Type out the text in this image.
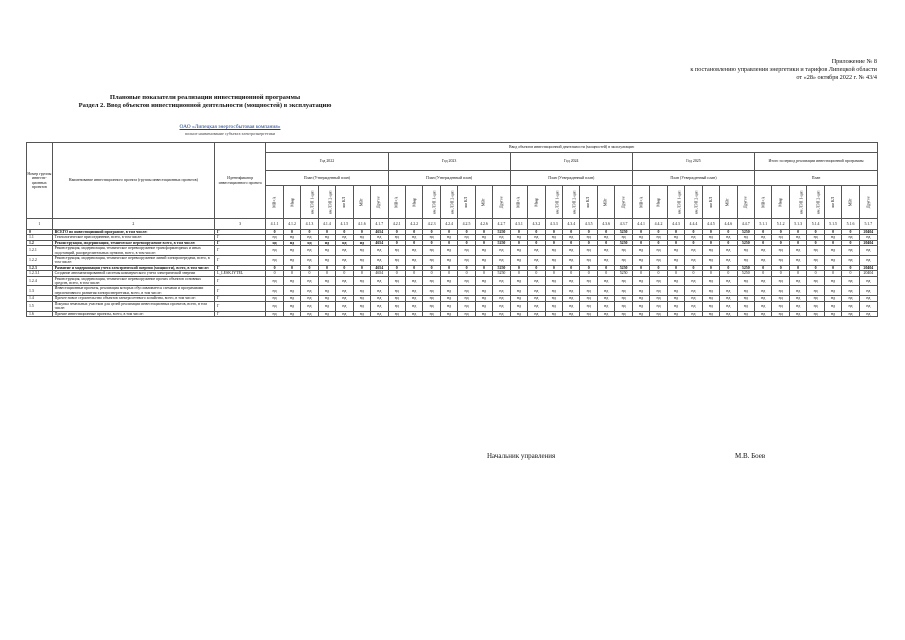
Приложение № 8
к постановлению управления энергетики и тарифов Липецкой области
от «28» октября 2022 г. № 43/4
Плановые показатели реализации инвестиционной программы
Раздел 2. Ввод объектов инвестиционной деятельности (мощностей) в эксплуатацию
ОАО «Липецкая энергосбытовая компания»
полное наименование субъекта электроэнергетики
Номер группы инвести-ционных проектов	Наименование инвестиционного проекта (группы инвестиционных проектов)	Идентификатор инвестиционного проекта	Ввод объектов инвестиционной деятельности (мощностей) в эксплуатацию																																		
			Год 2022							Год 2023							Год 2024							Год 2025							Итого за период реализации инвестиционной программы						
			План (Утвержденный план)							План (Утвержденный план)							План (Утвержденный план)							План (Утвержденный план)							План						
			МВ×А	Мвар	км ЛЭП 1-цеп	км ЛЭП 2-цеп	км КЛ	МВт	Другое	МВ×А	Мвар	км ЛЭП 1-цеп	км ЛЭП 2-цеп	км КЛ	МВт	Другое	МВ×А	Мвар	км ЛЭП 1-цеп	км ЛЭП 2-цеп	км КЛ	МВт	Другое	МВ×А	Мвар	км ЛЭП 1-цеп	км ЛЭП 2-цеп	км КЛ	МВт	Другое	МВ×А	Мвар	км ЛЭП 1-цеп	км ЛЭП 2-цеп	км КЛ	МВт	Другое
1	2	3	4.1.1	4.1.2	4.1.3	4.1.4	4.1.5	4.1.6	4.1.7	4.2.1	4.2.2	4.2.3	4.2.4	4.2.5	4.2.6	4.2.7	4.3.1	4.3.2	4.3.3	4.3.4	4.3.5	4.3.6	4.3.7	4.4.1	4.4.2	4.4.3	4.4.4	4.4.5	4.4.6	4.4.7	5.1.1	5.1.2	5.1.3	5.1.4	5.1.5	5.1.6	5.1.7
0	ВСЕГО по инвестиционной программе, в том числе:	Г	0	0	0	0	0	0	4654	0	0	0	0	0	0	5250	0	0	0	0	0	0	5250	0	0	0	0	0	0	5250	0	0	0	0	0	0	20404
1.1	Технологическое присоединение, всего, в том числе:	Г	нд	нд	нд	нд	нд	нд	нд	нд	нд	нд	нд	нд	нд	нд	нд	нд	нд	нд	нд	нд	нд	нд	нд	нд	нд	нд	нд	нд	нд	нд	нд	нд	нд	нд	нд
1.2	Реконструкция, модернизация, техническое перевооружение всего, в том числе:	Г	нд	нд	нд	нд	нд	нд	4654	0	0	0	0	0	0	5250	0	0	0	0	0	0	5250	0	0	0	0	0	0	5250	0	0	0	0	0	0	20404
1.2.1	Реконструкция, модернизация, техническое перевооружение трансформаторных и иных подстанций, распределительных пунктов, всего, в том числе:	Г	нд	нд	нд	нд	нд	нд	нд	нд	нд	нд	нд	нд	нд	нд	нд	нд	нд	нд	нд	нд	нд	нд	нд	нд	нд	нд	нд	нд	нд	нд	нд	нд	нд	нд	нд
1.2.2	Реконструкция, модернизация, техническое перевооружение линий электропередачи, всего, в том числе:	Г	нд	нд	нд	нд	нд	нд	нд	нд	нд	нд	нд	нд	нд	нд	нд	нд	нд	нд	нд	нд	нд	нд	нд	нд	нд	нд	нд	нд	нд	нд	нд	нд	нд	нд	нд
1.2.3	Развитие и модернизация учета электрической энергии (мощности), всего, в том числе:	Г	0	0	0	0	0	0	4654	0	0	0	0	0	0	5250	0	0	0	0	0	0	5250	0	0	0	0	0	0	5250	0	0	0	0	0	0	20404
1.2.3.1	Создание автоматизированной системы коммерческого учета электрической энергии	L_LESK.IYTEL	0	0	0	0	0	0	4654	0	0	0	0	0	0	5250	0	0	0	0	0	0	5250	0	0	0	0	0	0	5250	0	0	0	0	0	0	20404
1.2.4	Реконструкция, модернизация, техническое перевооружение прочих объектов основных средств, всего, в том числе:	Г	нд	нд	нд	нд	нд	нд	нд	нд	нд	нд	нд	нд	нд	нд	нд	нд	нд	нд	нд	нд	нд	нд	нд	нд	нд	нд	нд	нд	нд	нд	нд	нд	нд	нд	нд
1.3	Инвестиционные проекты, реализация которых обуславливается схемами и программами перспективного развития электроэнергетики, всего, в том числе:	Г	нд	нд	нд	нд	нд	нд	нд	нд	нд	нд	нд	нд	нд	нд	нд	нд	нд	нд	нд	нд	нд	нд	нд	нд	нд	нд	нд	нд	нд	нд	нд	нд	нд	нд	нд
1.4	Прочее новое строительство объектов электросетевого хозяйства, всего, в том числе:	Г	нд	нд	нд	нд	нд	нд	нд	нд	нд	нд	нд	нд	нд	нд	нд	нд	нд	нд	нд	нд	нд	нд	нд	нд	нд	нд	нд	нд	нд	нд	нд	нд	нд	нд	нд
1.5	Покупка земельных участков для целей реализации инвестиционных проектов, всего, в том числе:	Г	нд	нд	нд	нд	нд	нд	нд	нд	нд	нд	нд	нд	нд	нд	нд	нд	нд	нд	нд	нд	нд	нд	нд	нд	нд	нд	нд	нд	нд	нд	нд	нд	нд	нд	нд
1.6	Прочие инвестиционные проекты, всего, в том числе:	Г	нд	нд	нд	нд	нд	нд	нд	нд	нд	нд	нд	нд	нд	нд	нд	нд	нд	нд	нд	нд	нд	нд	нд	нд	нд	нд	нд	нд	нд	нд	нд	нд	нд	нд	нд
Начальник управления	М.В. Боев
